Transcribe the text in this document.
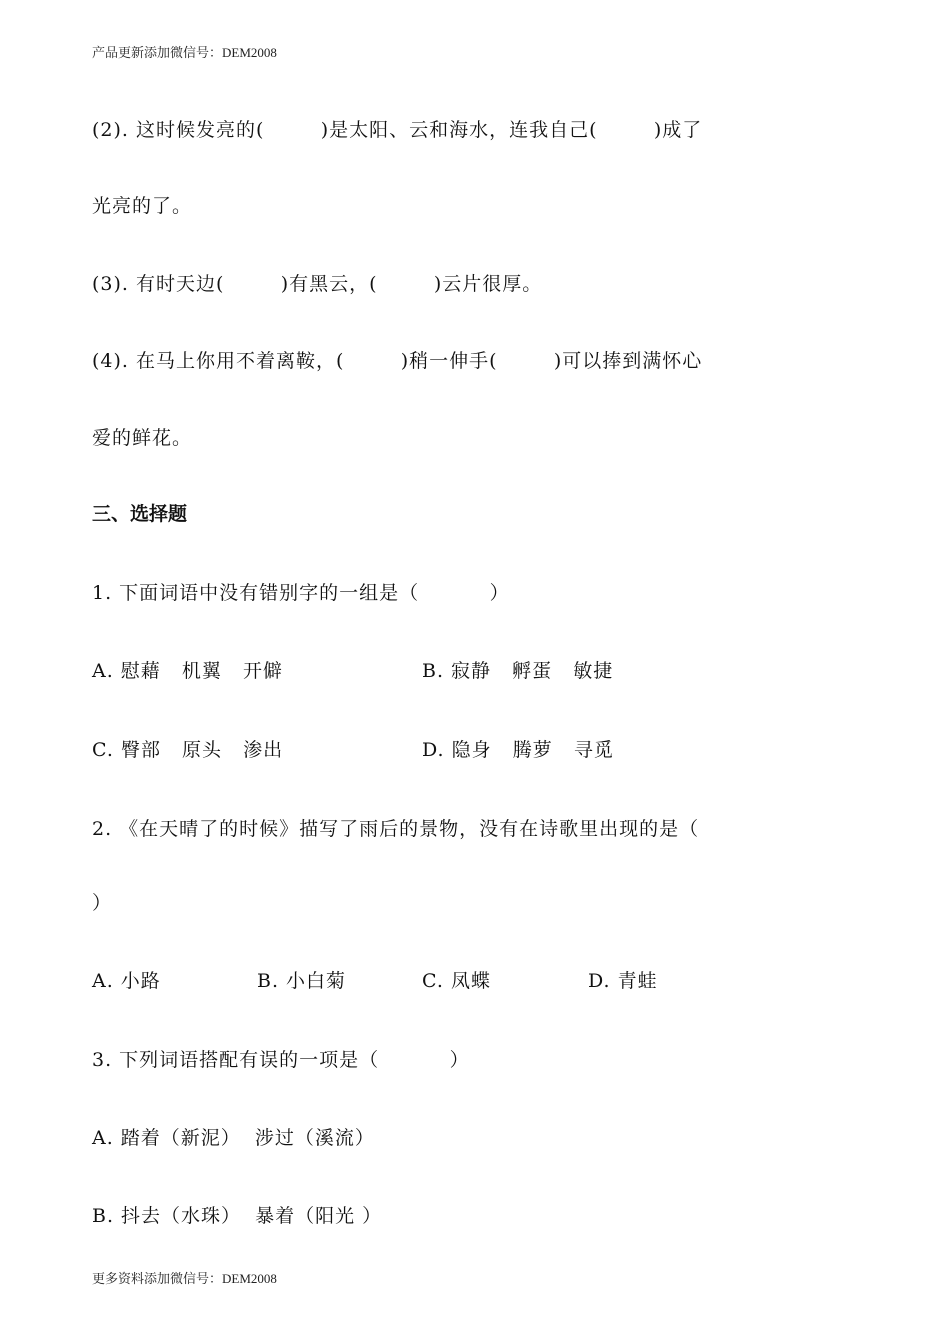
产品更新添加微信号：DEM2008
(2). 这时候发亮的(        )是太阳、云和海水，连我自己(        )成了
光亮的了。
(3). 有时天边(        )有黑云，(        )云片很厚。
(4). 在马上你用不着离鞍，(        )稍一伸手(        )可以捧到满怀心
爱的鲜花。
三、选择题
1. 下面词语中没有错别字的一组是（          ）
A. 慰藉   机翼   开僻	B. 寂静   孵蛋   敏捷
C. 臀部   原头   渗出	D. 隐身   腾萝   寻觅
2. 《在天晴了的时候》描写了雨后的景物，没有在诗歌里出现的是（
）
A. 小路	B. 小白菊	C. 凤蝶	D. 青蛙
3. 下列词语搭配有误的一项是（          ）
A. 踏着（新泥）  涉过（溪流）
B. 抖去（水珠）  暴着（阳光 ）
更多资料添加微信号：DEM2008
